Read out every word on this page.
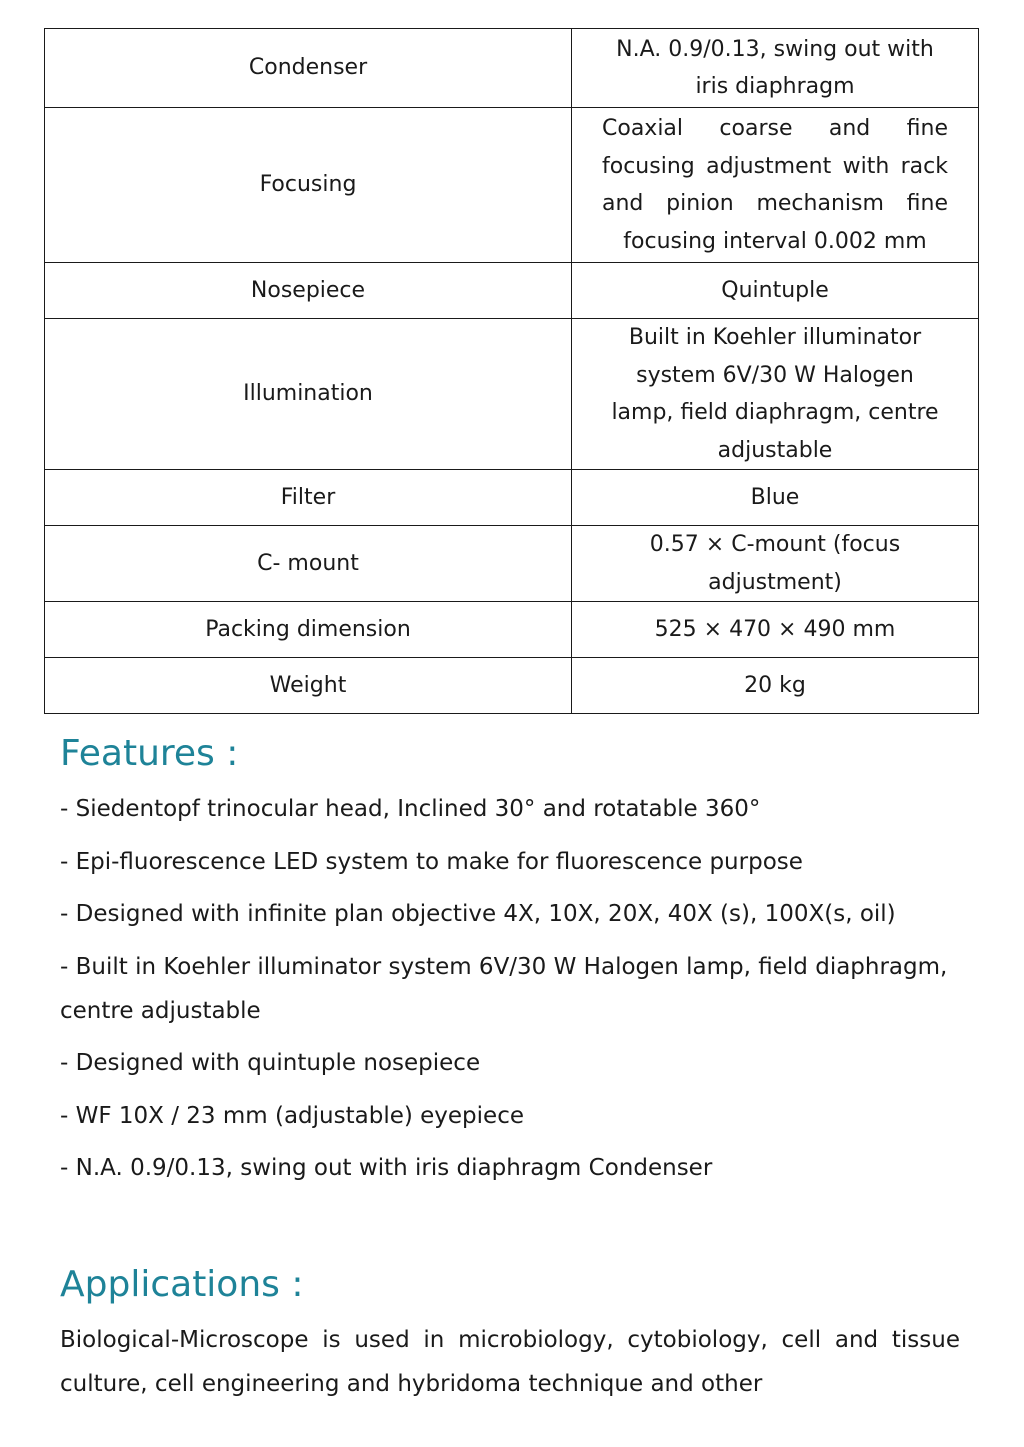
Condenser	N.A. 0.9/0.13, swing out with iris diaphragm
Focusing	Coaxial coarse and fine focusing adjustment with rack and pinion mechanism fine focusing interval 0.002 mm
Nosepiece	Quintuple
Illumination	Built in Koehler illuminator system 6V/30 W Halogen lamp, field diaphragm, centre adjustable
Filter	Blue
C- mount	0.57 × C-mount (focus adjustment)
Packing dimension	525 × 470 × 490 mm
Weight	20 kg
Features :
- Siedentopf trinocular head, Inclined 30° and rotatable 360°
- Epi-fluorescence LED system to make for fluorescence purpose
- Designed with infinite plan objective 4X, 10X, 20X, 40X (s), 100X(s, oil)
- Built in Koehler illuminator system 6V/30 W Halogen lamp, field diaphragm, centre adjustable
- Designed with quintuple nosepiece
- WF 10X / 23 mm (adjustable) eyepiece
- N.A. 0.9/0.13, swing out with iris diaphragm Condenser
Applications :

Biological-Microscope is used in microbiology, cytobiology, cell and tissue culture, cell engineering and hybridoma technique and other
